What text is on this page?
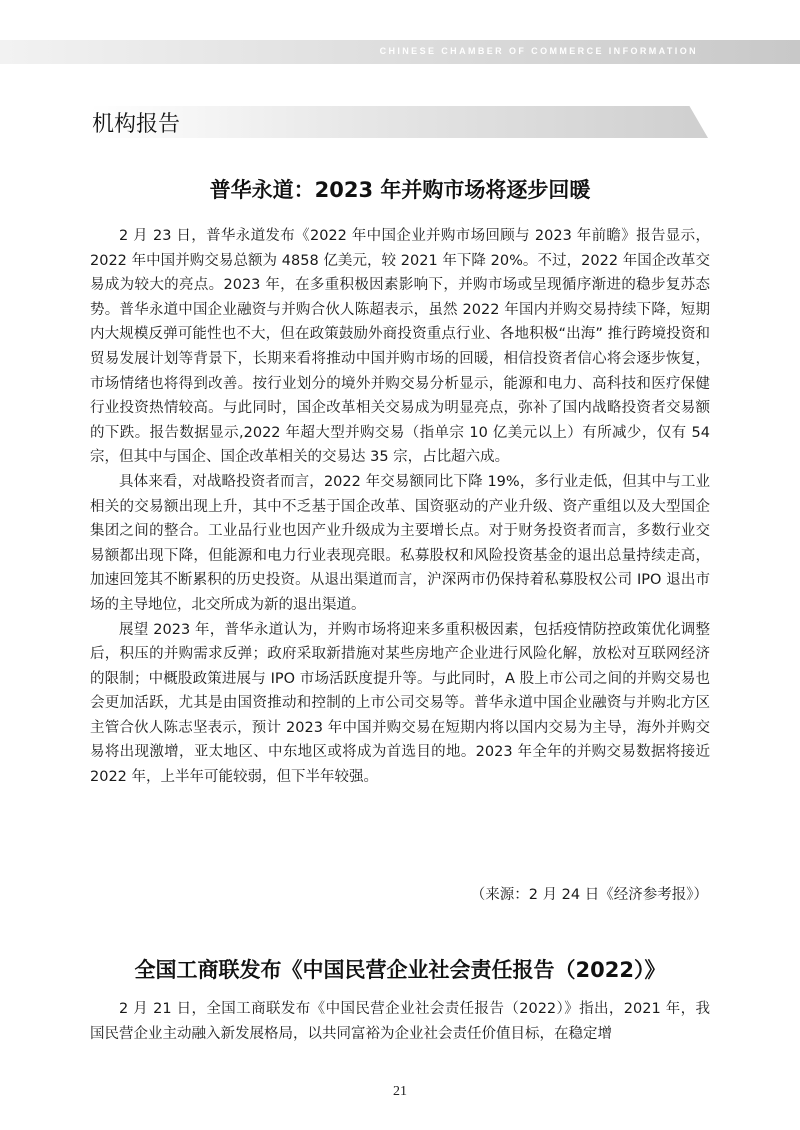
CHINESE CHAMBER OF COMMERCE INFORMATION
机构报告
普华永道：2023 年并购市场将逐步回暖

2 月 23 日，普华永道发布《2022 年中国企业并购市场回顾与 2023 年前瞻》报告显示，2022 年中国并购交易总额为 4858 亿美元，较 2021 年下降 20%。不过，2022 年国企改革交易成为较大的亮点。2023 年，在多重积极因素影响下，并购市场或呈现循序渐进的稳步复苏态势。普华永道中国企业融资与并购合伙人陈超表示，虽然 2022 年国内并购交易持续下降，短期内大规模反弹可能性也不大，但在政策鼓励外商投资重点行业、各地积极“出海” 推行跨境投资和贸易发展计划等背景下，长期来看将推动中国并购市场的回暖，相信投资者信心将会逐步恢复，市场情绪也将得到改善。按行业划分的境外并购交易分析显示，能源和电力、高科技和医疗保健行业投资热情较高。与此同时，国企改革相关交易成为明显亮点，弥补了国内战略投资者交易额的下跌。报告数据显示,2022 年超大型并购交易（指单宗 10 亿美元以上）有所减少，仅有 54 宗，但其中与国企、国企改革相关的交易达 35 宗，占比超六成。

具体来看，对战略投资者而言，2022 年交易额同比下降 19%，多行业走低，但其中与工业相关的交易额出现上升，其中不乏基于国企改革、国资驱动的产业升级、资产重组以及大型国企集团之间的整合。工业品行业也因产业升级成为主要增长点。对于财务投资者而言，多数行业交易额都出现下降，但能源和电力行业表现亮眼。私募股权和风险投资基金的退出总量持续走高，加速回笼其不断累积的历史投资。从退出渠道而言，沪深两市仍保持着私募股权公司 IPO 退出市场的主导地位，北交所成为新的退出渠道。

展望 2023 年，普华永道认为，并购市场将迎来多重积极因素，包括疫情防控政策优化调整后，积压的并购需求反弹；政府采取新措施对某些房地产企业进行风险化解，放松对互联网经济的限制；中概股政策进展与 IPO 市场活跃度提升等。与此同时，A 股上市公司之间的并购交易也会更加活跃，尤其是由国资推动和控制的上市公司交易等。普华永道中国企业融资与并购北方区主管合伙人陈志坚表示，预计 2023 年中国并购交易在短期内将以国内交易为主导，海外并购交易将出现激增，亚太地区、中东地区或将成为首选目的地。2023 年全年的并购交易数据将接近 2022 年，上半年可能较弱，但下半年较强。

（来源：2 月 24 日《经济参考报》）
全国工商联发布《中国民营企业社会责任报告（2022）》

2 月 21 日，全国工商联发布《中国民营企业社会责任报告（2022）》指出，2021 年，我国民营企业主动融入新发展格局，以共同富裕为企业社会责任价值目标，在稳定增

21
